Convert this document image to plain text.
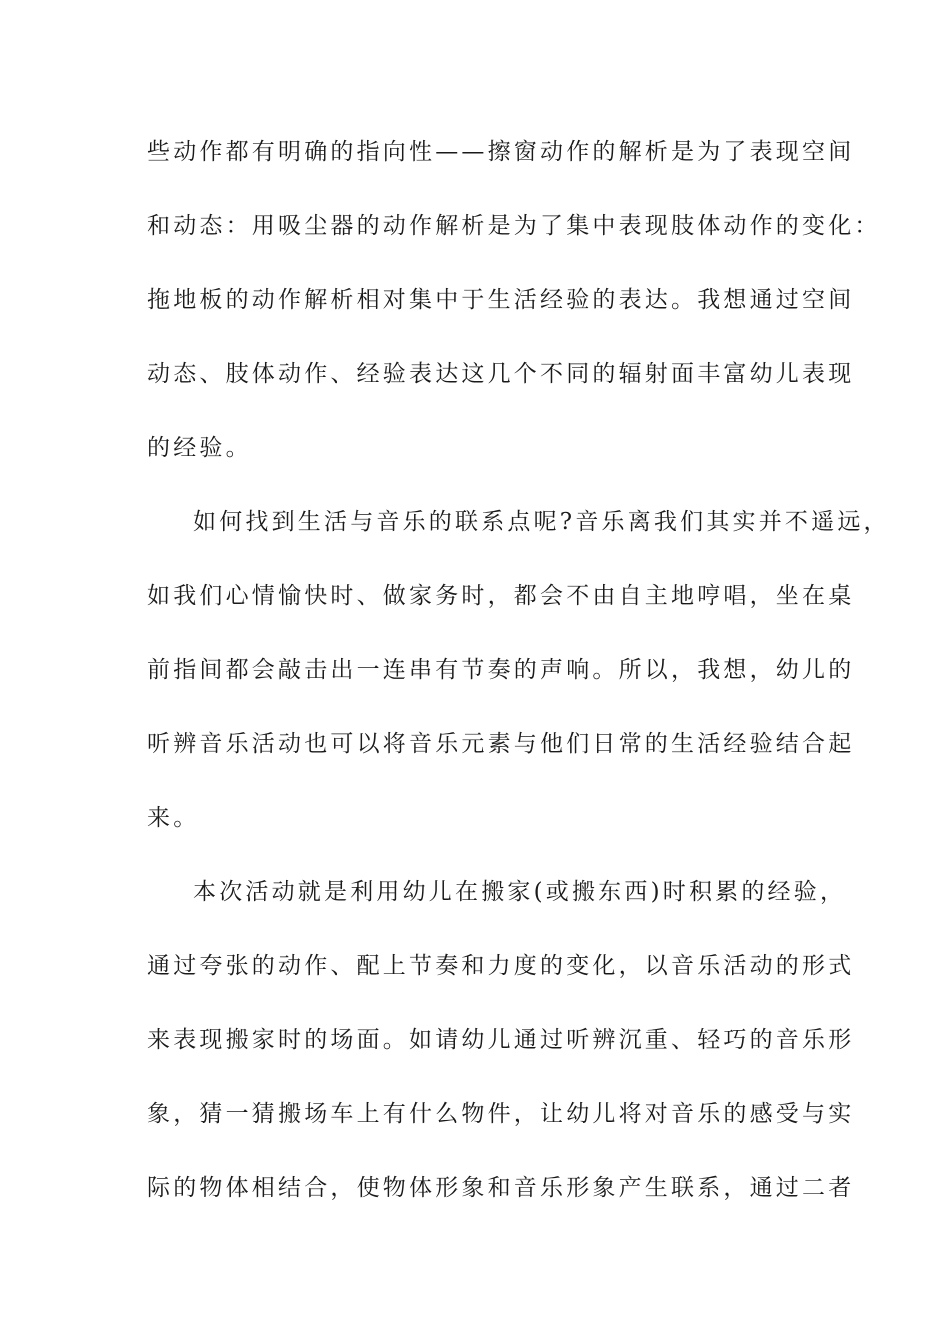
些动作都有明确的指向性——擦窗动作的解析是为了表现空间
和动态：用吸尘器的动作解析是为了集中表现肢体动作的变化：
拖地板的动作解析相对集中于生活经验的表达。我想通过空间
动态、肢体动作、经验表达这几个不同的辐射面丰富幼儿表现
的经验。
如何找到生活与音乐的联系点呢?音乐离我们其实并不遥远，
如我们心情愉快时、做家务时，都会不由自主地哼唱，坐在桌
前指间都会敲击出一连串有节奏的声响。所以，我想，幼儿的
听辨音乐活动也可以将音乐元素与他们日常的生活经验结合起
来。
本次活动就是利用幼儿在搬家(或搬东西)时积累的经验，
通过夸张的动作、配上节奏和力度的变化，以音乐活动的形式
来表现搬家时的场面。如请幼儿通过听辨沉重、轻巧的音乐形
象，猜一猜搬场车上有什么物件，让幼儿将对音乐的感受与实
际的物体相结合，使物体形象和音乐形象产生联系，通过二者
